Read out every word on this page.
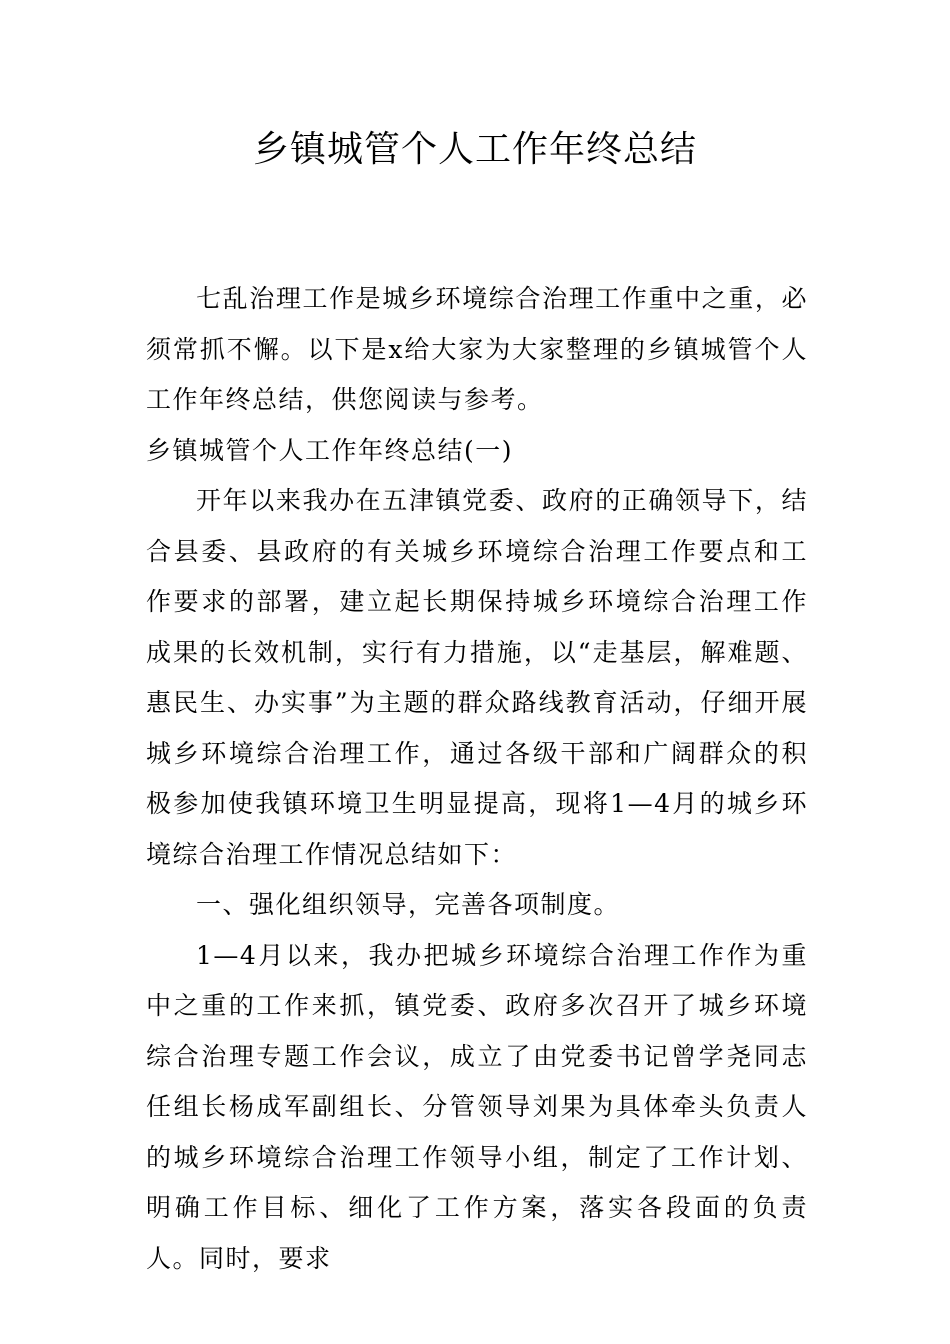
乡镇城管个人工作年终总结

七乱治理工作是城乡环境综合治理工作重中之重，必须常抓不懈。以下是x给大家为大家整理的乡镇城管个人工作年终总结，供您阅读与参考。

乡镇城管个人工作年终总结(一)

开年以来我办在五津镇党委、政府的正确领导下，结合县委、县政府的有关城乡环境综合治理工作要点和工作要求的部署，建立起长期保持城乡环境综合治理工作成果的长效机制，实行有力措施，以“走基层，解难题、惠民生、办实事”为主题的群众路线教育活动，仔细开展城乡环境综合治理工作，通过各级干部和广阔群众的积极参加使我镇环境卫生明显提高，现将1—4月的城乡环境综合治理工作情况总结如下：

一、强化组织领导，完善各项制度。

1—4月以来，我办把城乡环境综合治理工作作为重中之重的工作来抓，镇党委、政府多次召开了城乡环境综合治理专题工作会议，成立了由党委书记曾学尧同志任组长杨成军副组长、分管领导刘果为具体牵头负责人的城乡环境综合治理工作领导小组，制定了工作计划、明确工作目标、细化了工作方案，落实各段面的负责人。同时，要求
